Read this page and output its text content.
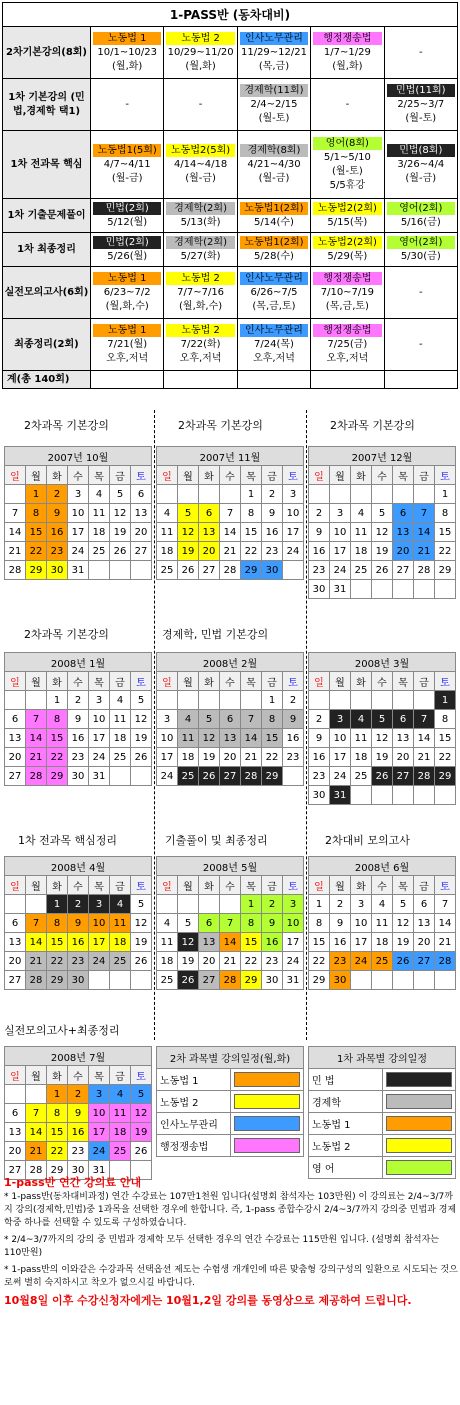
1-PASS반 (동차대비)					
2차기본강의(8회)	노동법 1
10/1~10/23
(월,화)	노동법 2
10/29~11/20
(월,화)	인사노무관리
11/29~12/21
(목,금)	행정쟁송법
1/7~1/29
(월,화)	-

1차 기본강의 (민법,경제학 택1)	-	-	경제학(11회)
2/4~2/15
(월-토)	-	민법(11회)
2/25~3/7
(월-토)

1차 전과목 핵심	노동법1(5회)
4/7~4/11
(월-금)	노동법2(5회)
4/14~4/18
(월-금)	경제학(8회)
4/21~4/30
(월-금)	영어(8회)
5/1~5/10
(월-토)
5/5휴강	민법(8회)
3/26~4/4
(월-금)

1차 기출문제풀이	민법(2회)
5/12(월)	경제학(2회)
5/13(화)	노동법1(2회)
5/14(수)	노동법2(2회)
5/15(목)	영어(2회)
5/16(금)

1차 최종정리	민법(2회)
5/26(월)	경제학(2회)
5/27(화)	노동법1(2회)
5/28(수)	노동법2(2회)
5/29(목)	영어(2회)
5/30(금)

실전모의고사(6회)	노동법 1
6/23~7/2
(월,화,수)	노동법 2
7/7~7/16
(월,화,수)	인사노무관리
6/26~7/5
(목,금,토)	행정쟁송법
7/10~7/19
(목,금,토)	-

최종정리(2회)	노동법 1
7/21(월)
오후,저녁	노동법 2
7/22(화)
오후,저녁	인사노무관리
7/24(목)
오후,저녁	행정쟁송법
7/25(금)
오후,저녁	-

계(총 140회)					
2차과목 기본강의	2차과목 기본강의	2차과목 기본강의
2차과목 기본강의	경제학, 민법 기본강의
1차 전과목 핵심정리	기출풀이 및 최종정리	2차대비 모의고사
실전모의고사+최종정리
2007년 10월						
일	월	화	수	목	금	토
	1	2	3	4	5	6
7	8	9	10	11	12	13
14	15	16	17	18	19	20
21	22	23	24	25	26	27
28	29	30	31			
2007년 11월						
일	월	화	수	목	금	토
				1	2	3
4	5	6	7	8	9	10
11	12	13	14	15	16	17
18	19	20	21	22	23	24
25	26	27	28	29	30	
2007년 12월						
일	월	화	수	목	금	토
						1
2	3	4	5	6	7	8
9	10	11	12	13	14	15
16	17	18	19	20	21	22
23	24	25	26	27	28	29
30	31					
2008년 1월						
일	월	화	수	목	금	토
		1	2	3	4	5
6	7	8	9	10	11	12
13	14	15	16	17	18	19
20	21	22	23	24	25	26
27	28	29	30	31		
2008년 2월						
일	월	화	수	목	금	토
					1	2
3	4	5	6	7	8	9
10	11	12	13	14	15	16
17	18	19	20	21	22	23
24	25	26	27	28	29	
2008년 3월						
일	월	화	수	목	금	토
						1
2	3	4	5	6	7	8
9	10	11	12	13	14	15
16	17	18	19	20	21	22
23	24	25	26	27	28	29
30	31					
2008년 4월						
일	월	화	수	목	금	토
		1	2	3	4	5
6	7	8	9	10	11	12
13	14	15	16	17	18	19
20	21	22	23	24	25	26
27	28	29	30			
2008년 5월						
일	월	화	수	목	금	토
				1	2	3
4	5	6	7	8	9	10
11	12	13	14	15	16	17
18	19	20	21	22	23	24
25	26	27	28	29	30	31
2008년 6월						
일	월	화	수	목	금	토
1	2	3	4	5	6	7
8	9	10	11	12	13	14
15	16	17	18	19	20	21
22	23	24	25	26	27	28
29	30					
2008년 7월						
일	월	화	수	목	금	토
		1	2	3	4	5
6	7	8	9	10	11	12
13	14	15	16	17	18	19
20	21	22	23	24	25	26
27	28	29	30	31		
2차 과목별 강의일정(월,화)	
노동법 1	
노동법 2	
인사노무관리	
행정쟁송법	
1차 과목별 강의일정	
민 법	
경제학	
노동법 1	
노동법 2	
영 어	
1-pass반 연간 강의료 안내
* 1-pass반(동차대비과정) 연간 수강료는 107만1천원 입니다(설명회 참석자는 103만원) 이 강의료는 2/4~3/7까지 강의(경제학,민법)중 1과목을 선택한 경우에 한합니다. 즉, 1-pass 종합수강시 2/4~3/7까지 강의중 민법과 경제학중 하나를 선택할 수 있도록 구성하였습니다.
* 2/4~3/7까지의 강의 중 민법과 경제학 모두 선택한 경우의 연간 수강료는 115만원 입니다. (설명회 참석자는 110만원)
* 1-pass반의 이와같은 수강과목 선택옵션 제도는 수험생 개개인에 따른 맞춤형 강의구성의 일환으로 시도되는 것으로써 별히 숙지하시고 착오가 없으시길 바랍니다.
10월8일 이후 수강신청자에게는 10월1,2일 강의를 동영상으로 제공하여 드립니다.
